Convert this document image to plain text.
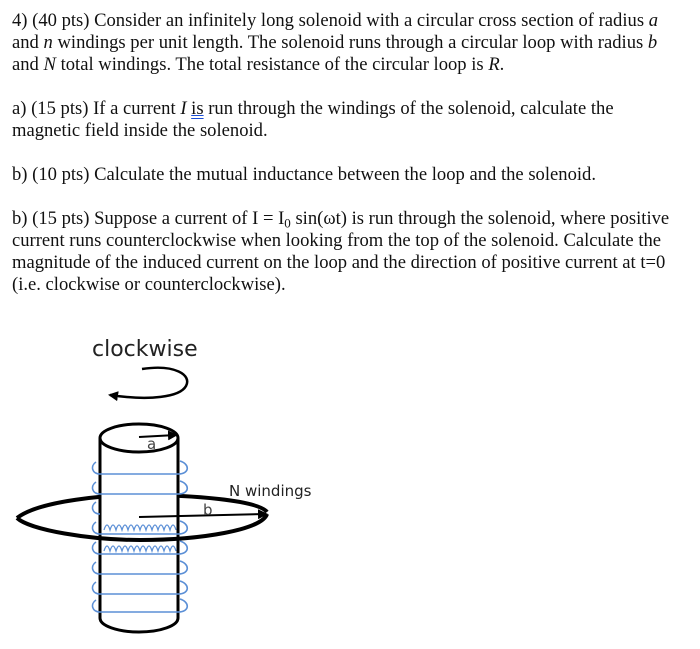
4) (40 pts) Consider an infinitely long solenoid with a circular cross section of radius a
and n windings per unit length. The solenoid runs through a circular loop with radius b
and N total windings. The total resistance of the circular loop is R.
a) (15 pts) If a current I is run through the windings of the solenoid, calculate the
magnetic field inside the solenoid.
b) (10 pts) Calculate the mutual inductance between the loop and the solenoid.
b) (15 pts) Suppose a current of $I = I_0$ sin(ωt) is run through the solenoid, where positive
current runs counterclockwise when looking from the top of the solenoid. Calculate the
magnitude of the induced current on the loop and the direction of positive current at t=0
(i.e. clockwise or counterclockwise).
clockwise
a
b
N windings
